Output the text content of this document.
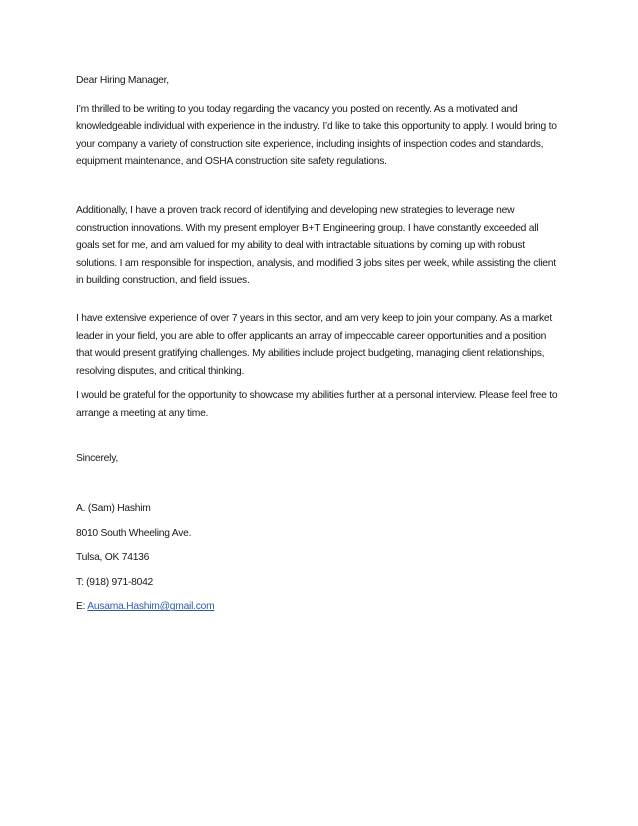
Dear Hiring Manager,

I’m thrilled to be writing to you today regarding the vacancy you posted on recently. As a motivated and knowledgeable individual with experience in the industry. I’d like to take this opportunity to apply. I would bring to your company a variety of construction site experience, including insights of inspection codes and standards, equipment maintenance, and OSHA construction site safety regulations.

Additionally, I have a proven track record of identifying and developing new strategies to leverage new construction innovations. With my present employer B+T Engineering group. I have constantly exceeded all goals set for me, and am valued for my ability to deal with intractable situations by coming up with robust solutions. I am responsible for inspection, analysis, and modified 3 jobs sites per week, while assisting the client in building construction, and field issues.

I have extensive experience of over 7 years in this sector, and am very keep to join your company. As a market leader in your field, you are able to offer applicants an array of impeccable career opportunities and a position that would present gratifying challenges. My abilities include project budgeting, managing client relationships, resolving disputes, and critical thinking.

I would be grateful for the opportunity to showcase my abilities further at a personal interview. Please feel free to arrange a meeting at any time.

Sincerely,

A. (Sam) Hashim

8010 South Wheeling Ave.

Tulsa, OK 74136

T: (918) 971-8042

E: Ausama.Hashim@gmail.com
